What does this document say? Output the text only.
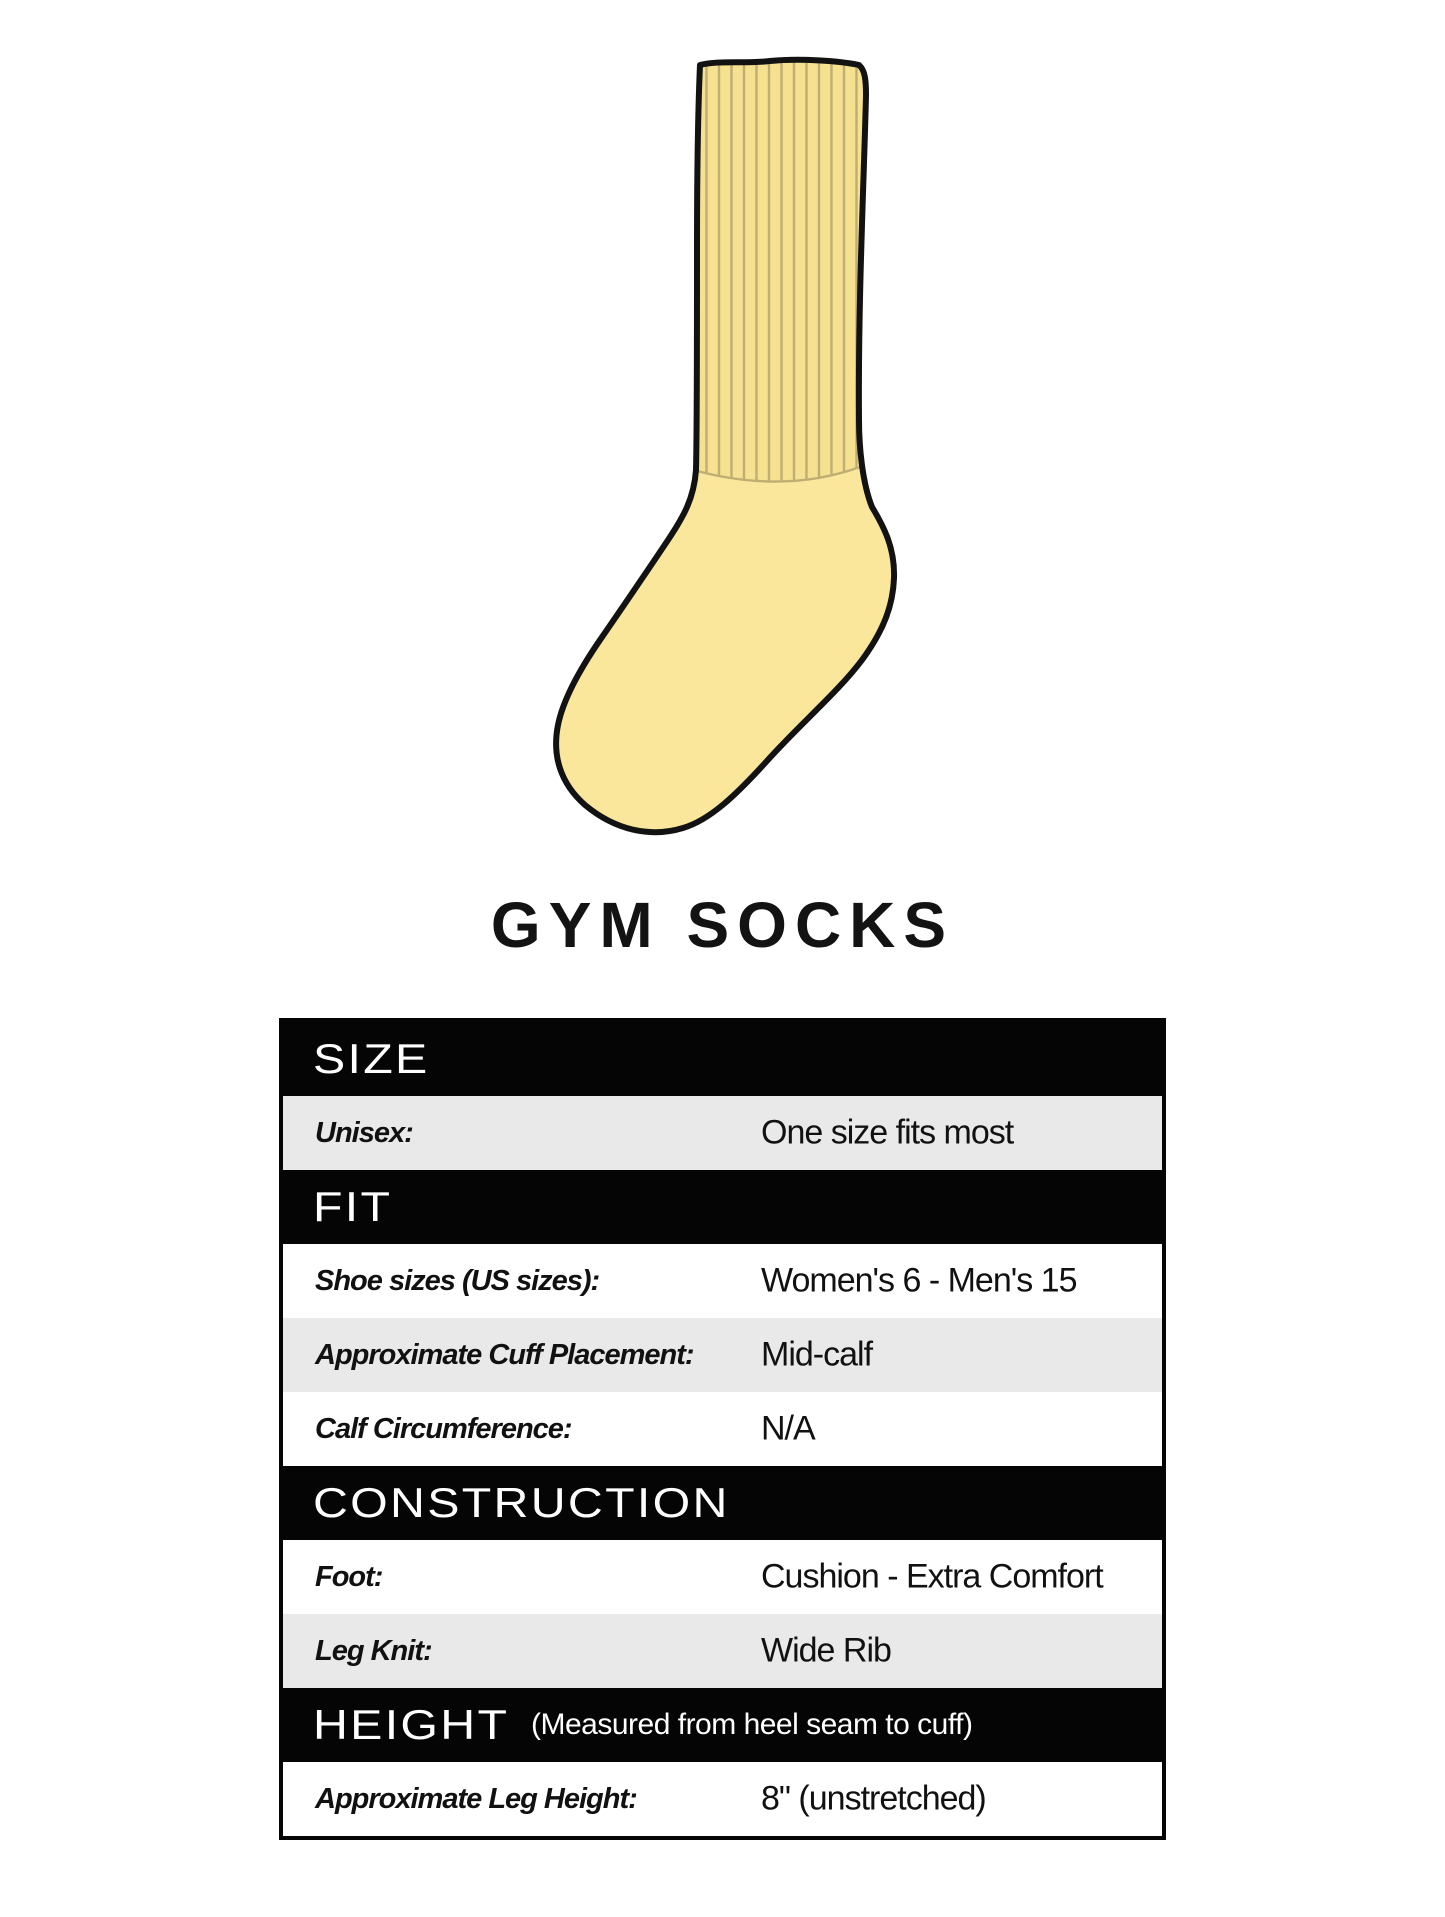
GYM SOCKS
SIZE
Unisex:	One size fits most
FIT
Shoe sizes (US sizes):	Women's 6 - Men's 15
Approximate Cuff Placement: Mid-calf
Calf Circumference:	N/A
CONSTRUCTION
Foot:	Cushion - Extra Comfort
Leg Knit:	Wide Rib
HEIGHT (Measured from heel seam to cuff)
Approximate Leg Height:	8" (unstretched)
